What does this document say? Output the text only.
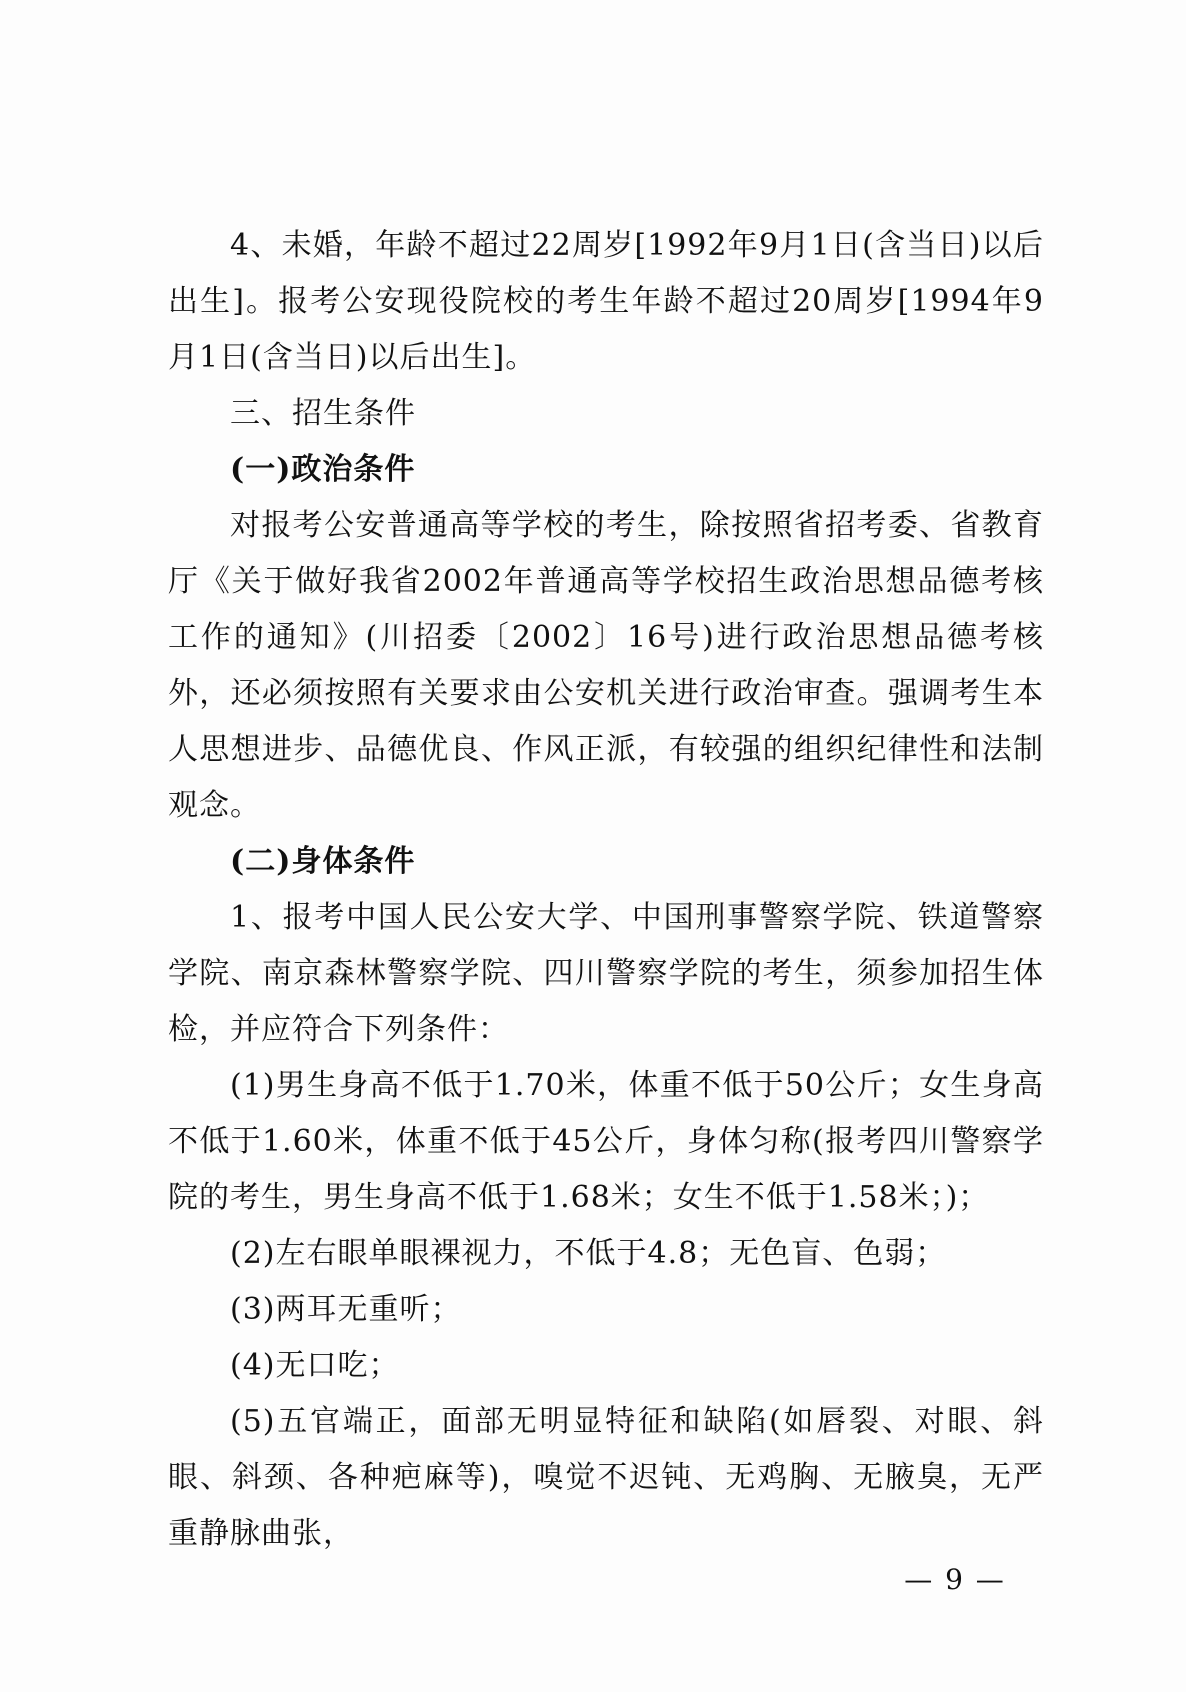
4、未婚，年龄不超过22周岁[1992年9月1日(含当日)以后出生]。报考公安现役院校的考生年龄不超过20周岁[1994年9月1日(含当日)以后出生]。

三、招生条件

(一)政治条件

对报考公安普通高等学校的考生，除按照省招考委、省教育厅《关于做好我省2002年普通高等学校招生政治思想品德考核工作的通知》(川招委〔2002〕16号)进行政治思想品德考核外，还必须按照有关要求由公安机关进行政治审查。强调考生本人思想进步、品德优良、作风正派，有较强的组织纪律性和法制观念。

(二)身体条件

1、报考中国人民公安大学、中国刑事警察学院、铁道警察学院、南京森林警察学院、四川警察学院的考生，须参加招生体检，并应符合下列条件：

(1)男生身高不低于1.70米，体重不低于50公斤；女生身高不低于1.60米，体重不低于45公斤，身体匀称(报考四川警察学院的考生，男生身高不低于1.68米；女生不低于1.58米；)；

(2)左右眼单眼裸视力，不低于4.8；无色盲、色弱；

(3)两耳无重听；

(4)无口吃；

(5)五官端正，面部无明显特征和缺陷(如唇裂、对眼、斜眼、斜颈、各种疤麻等)，嗅觉不迟钝、无鸡胸、无腋臭，无严重静脉曲张，

— 9 —
